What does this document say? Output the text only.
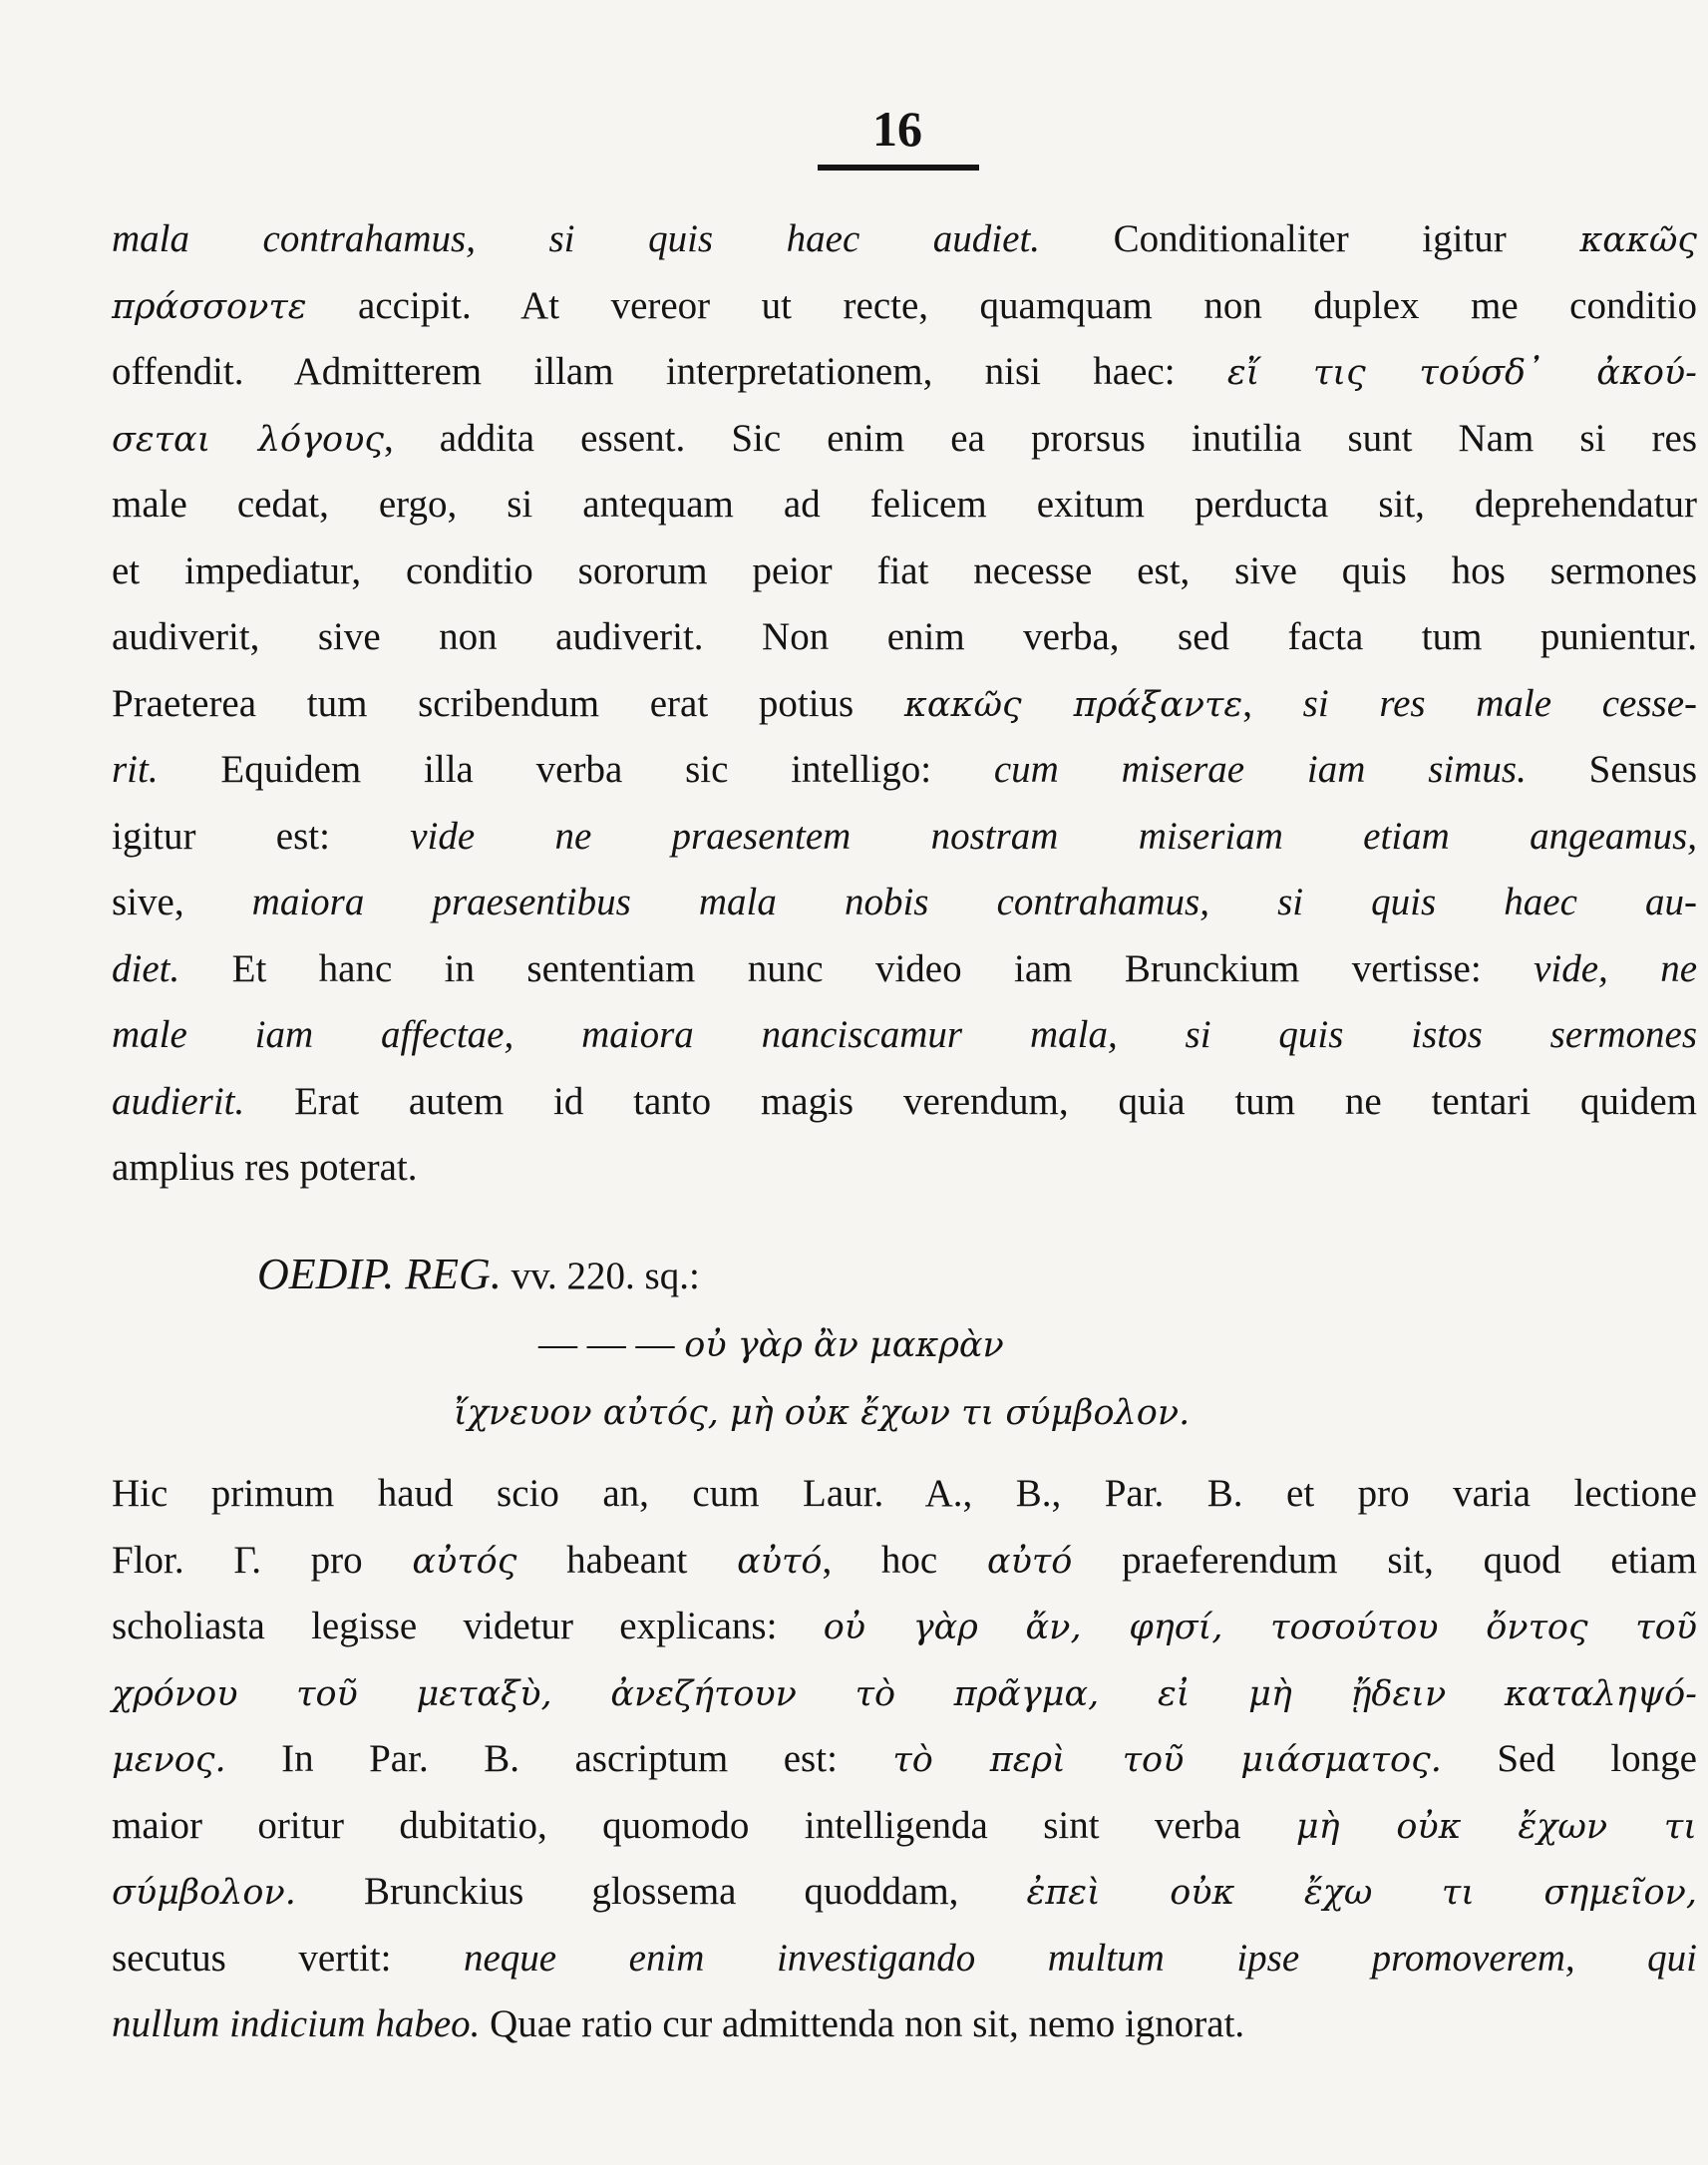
16
mala contrahamus, si quis haec audiet. Conditionaliter igitur κακῶς
πράσσοντε accipit. At vereor ut recte, quamquam non duplex me conditio
offendit. Admitterem illam interpretationem, nisi haec: εἴ τις τούσδ᾽ ἀκού-
σεται λόγους, addita essent. Sic enim ea prorsus inutilia sunt Nam si res
male cedat, ergo, si antequam ad felicem exitum perducta sit, deprehendatur
et impediatur, conditio sororum peior fiat necesse est, sive quis hos sermones
audiverit, sive non audiverit. Non enim verba, sed facta tum punientur.
Praeterea tum scribendum erat potius κακῶς πράξαντε, si res male cesse-
rit. Equidem illa verba sic intelligo: cum miserae iam simus. Sensus
igitur est: vide ne praesentem nostram miseriam etiam angeamus,
sive, maiora praesentibus mala nobis contrahamus, si quis haec au-
diet. Et hanc in sententiam nunc video iam Brunckium vertisse: vide, ne
male iam affectae, maiora nanciscamur mala, si quis istos sermones
audierit. Erat autem id tanto magis verendum, quia tum ne tentari quidem
amplius res poterat.
OEDIP. REG. vv. 220. sq.:
— — — οὐ γὰρ ἂν μακρὰν
ἴχνευον αὐτός, μὴ οὐκ ἔχων τι σύμβολον.
Hic primum haud scio an, cum Laur. A., B., Par. B. et pro varia lectione
Flor. Γ. pro αὐτός habeant αὐτό, hoc αὐτό praeferendum sit, quod etiam
scholiasta legisse videtur explicans: οὐ γὰρ ἄν, φησί, τοσούτου ὄντος τοῦ
χρόνου τοῦ μεταξὺ, ἀνεζήτουν τὸ πρᾶγμα, εἰ μὴ ᾔδειν καταληψό-
μενος. In Par. B. ascriptum est: τὸ περὶ τοῦ μιάσματος. Sed longe
maior oritur dubitatio, quomodo intelligenda sint verba μὴ οὐκ ἔχων τι
σύμβολον. Brunckius glossema quoddam, ἐπεὶ οὐκ ἔχω τι σημεῖον,
secutus vertit: neque enim investigando multum ipse promoverem, qui
nullum indicium habeo. Quae ratio cur admittenda non sit, nemo ignorat.
